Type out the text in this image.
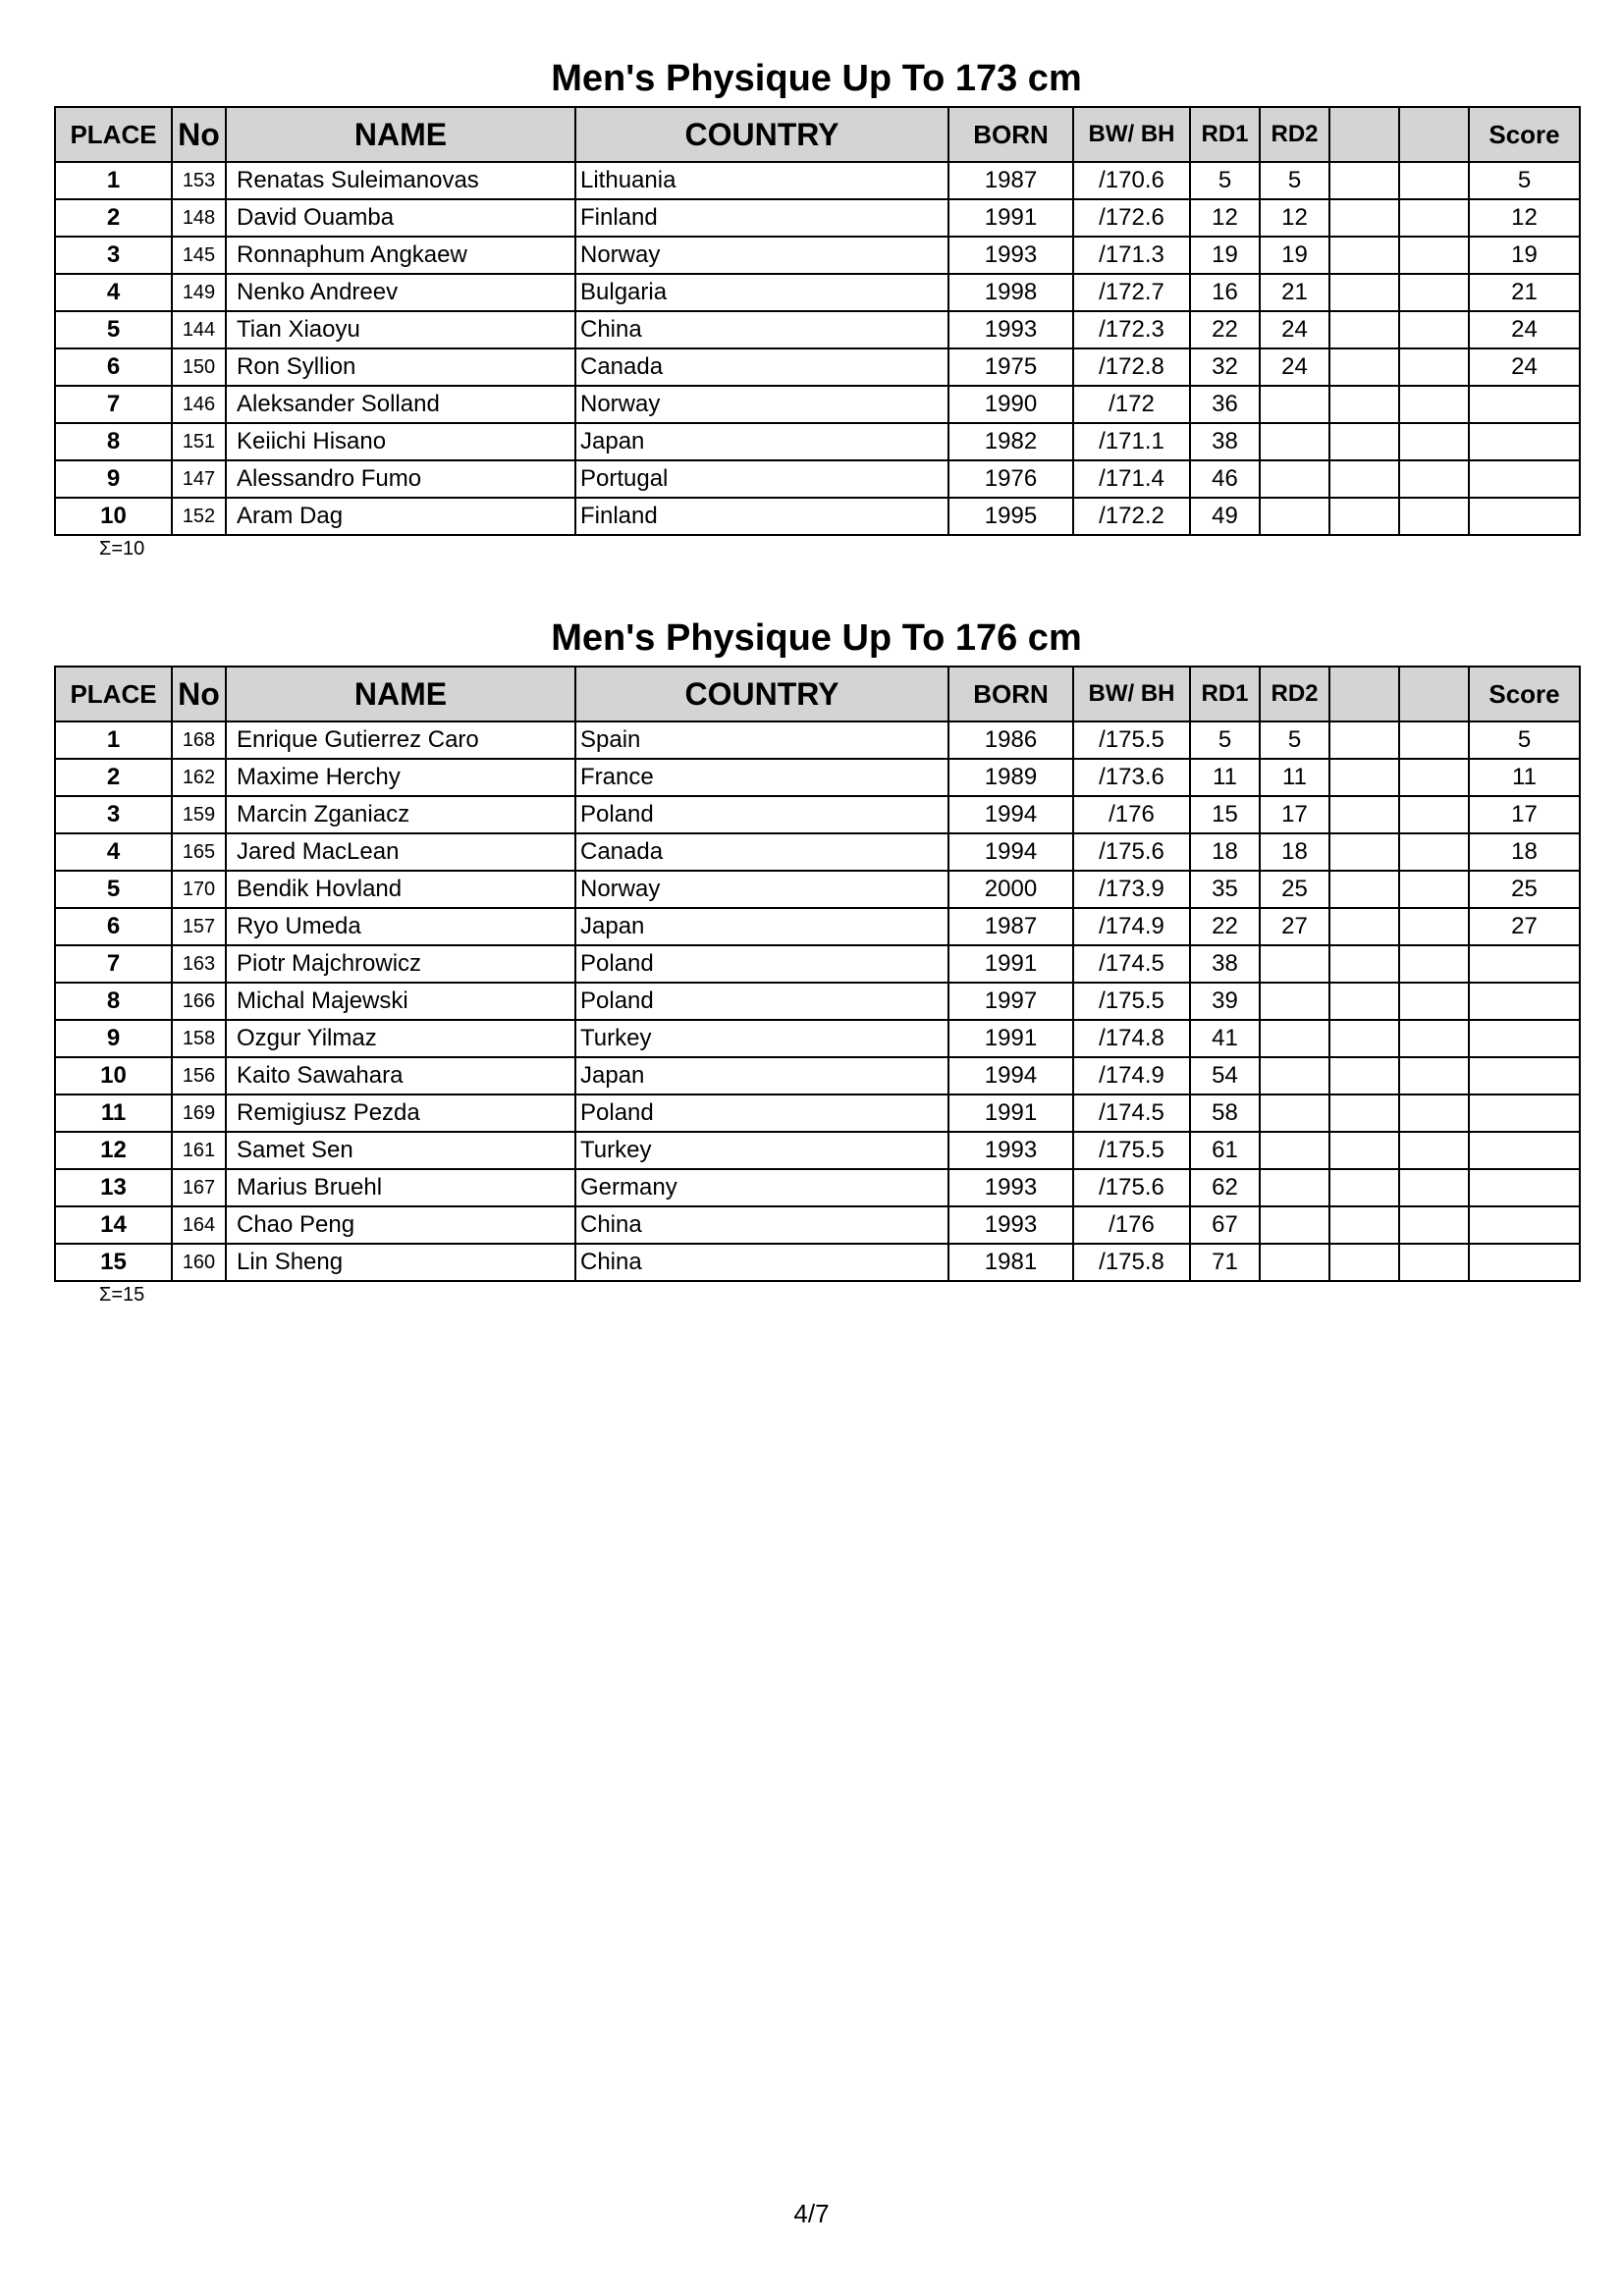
Men's Physique Up To 173 cm
PLACE	No	NAME	COUNTRY	BORN	BW/ BH	RD1	RD2			Score
1	153	Renatas Suleimanovas	Lithuania	1987	/170.6	5	5			5
2	148	David Ouamba	Finland	1991	/172.6	12	12			12
3	145	Ronnaphum Angkaew	Norway	1993	/171.3	19	19			19
4	149	Nenko Andreev	Bulgaria	1998	/172.7	16	21			21
5	144	Tian Xiaoyu	China	1993	/172.3	22	24			24
6	150	Ron Syllion	Canada	1975	/172.8	32	24			24
7	146	Aleksander Solland	Norway	1990	/172	36				
8	151	Keiichi Hisano	Japan	1982	/171.1	38				
9	147	Alessandro Fumo	Portugal	1976	/171.4	46				
10	152	Aram Dag	Finland	1995	/172.2	49				
Σ=10
Men's Physique Up To 176 cm
PLACE	No	NAME	COUNTRY	BORN	BW/ BH	RD1	RD2			Score
1	168	Enrique Gutierrez Caro	Spain	1986	/175.5	5	5			5
2	162	Maxime Herchy	France	1989	/173.6	11	11			11
3	159	Marcin Zganiacz	Poland	1994	/176	15	17			17
4	165	Jared MacLean	Canada	1994	/175.6	18	18			18
5	170	Bendik Hovland	Norway	2000	/173.9	35	25			25
6	157	Ryo Umeda	Japan	1987	/174.9	22	27			27
7	163	Piotr Majchrowicz	Poland	1991	/174.5	38				
8	166	Michal Majewski	Poland	1997	/175.5	39				
9	158	Ozgur Yilmaz	Turkey	1991	/174.8	41				
10	156	Kaito Sawahara	Japan	1994	/174.9	54				
11	169	Remigiusz Pezda	Poland	1991	/174.5	58				
12	161	Samet Sen	Turkey	1993	/175.5	61				
13	167	Marius Bruehl	Germany	1993	/175.6	62				
14	164	Chao Peng	China	1993	/176	67				
15	160	Lin Sheng	China	1981	/175.8	71				
Σ=15
4/7
